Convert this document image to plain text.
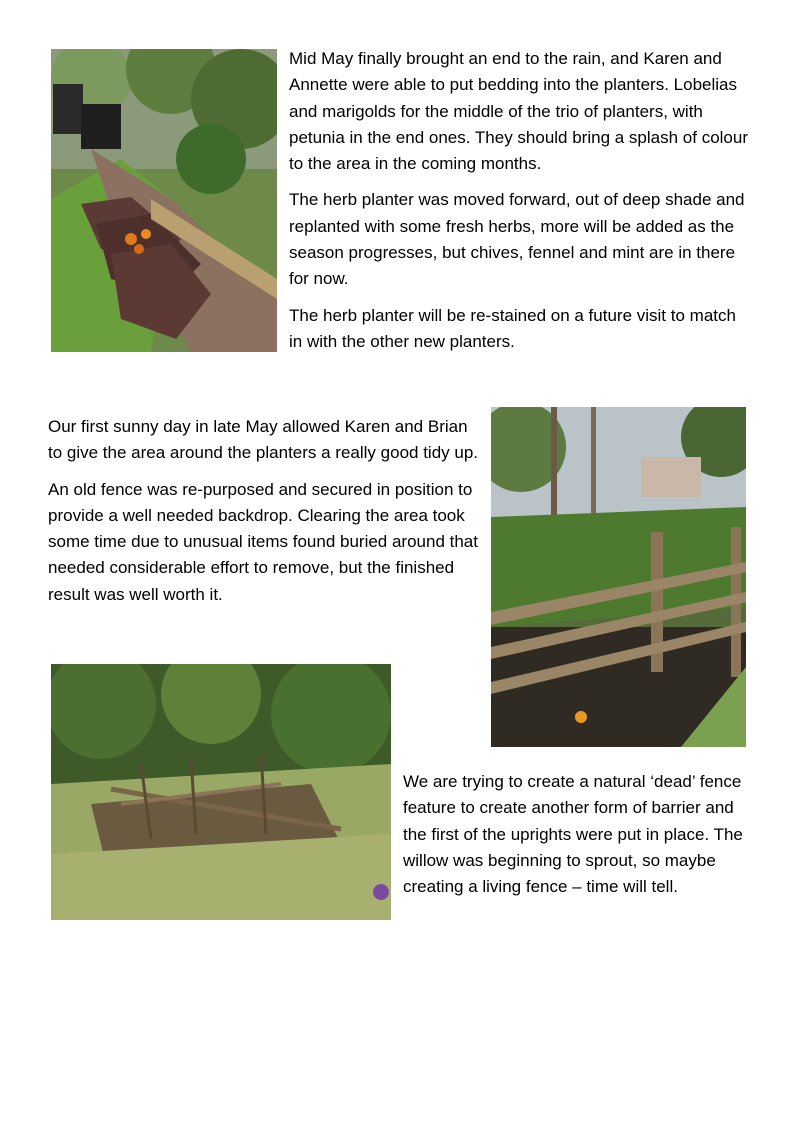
Mid May finally brought an end to the rain, and Karen and Annette were able to put bedding into the planters. Lobelias and marigolds for the middle of the trio of planters, with petunia in the end ones. They should bring a splash of colour to the area in the coming months.

The herb planter was moved forward, out of deep shade and replanted with some fresh herbs, more will be added as the season progresses, but chives, fennel and mint are in there for now.

The herb planter will be re-stained on a future visit to match in with the other new planters.

Our first sunny day in late May allowed Karen and Brian to give the area around the planters a really good tidy up.

An old fence was re-purposed and secured in position to provide a well needed backdrop. Clearing the area took some time due to unusual items found buried around that needed considerable effort to remove, but the finished result was well worth it.

We are trying to create a natural ‘dead’ fence feature to create another form of barrier and the first of the uprights were put in place. The willow was beginning to sprout, so maybe creating a living fence – time will tell.
